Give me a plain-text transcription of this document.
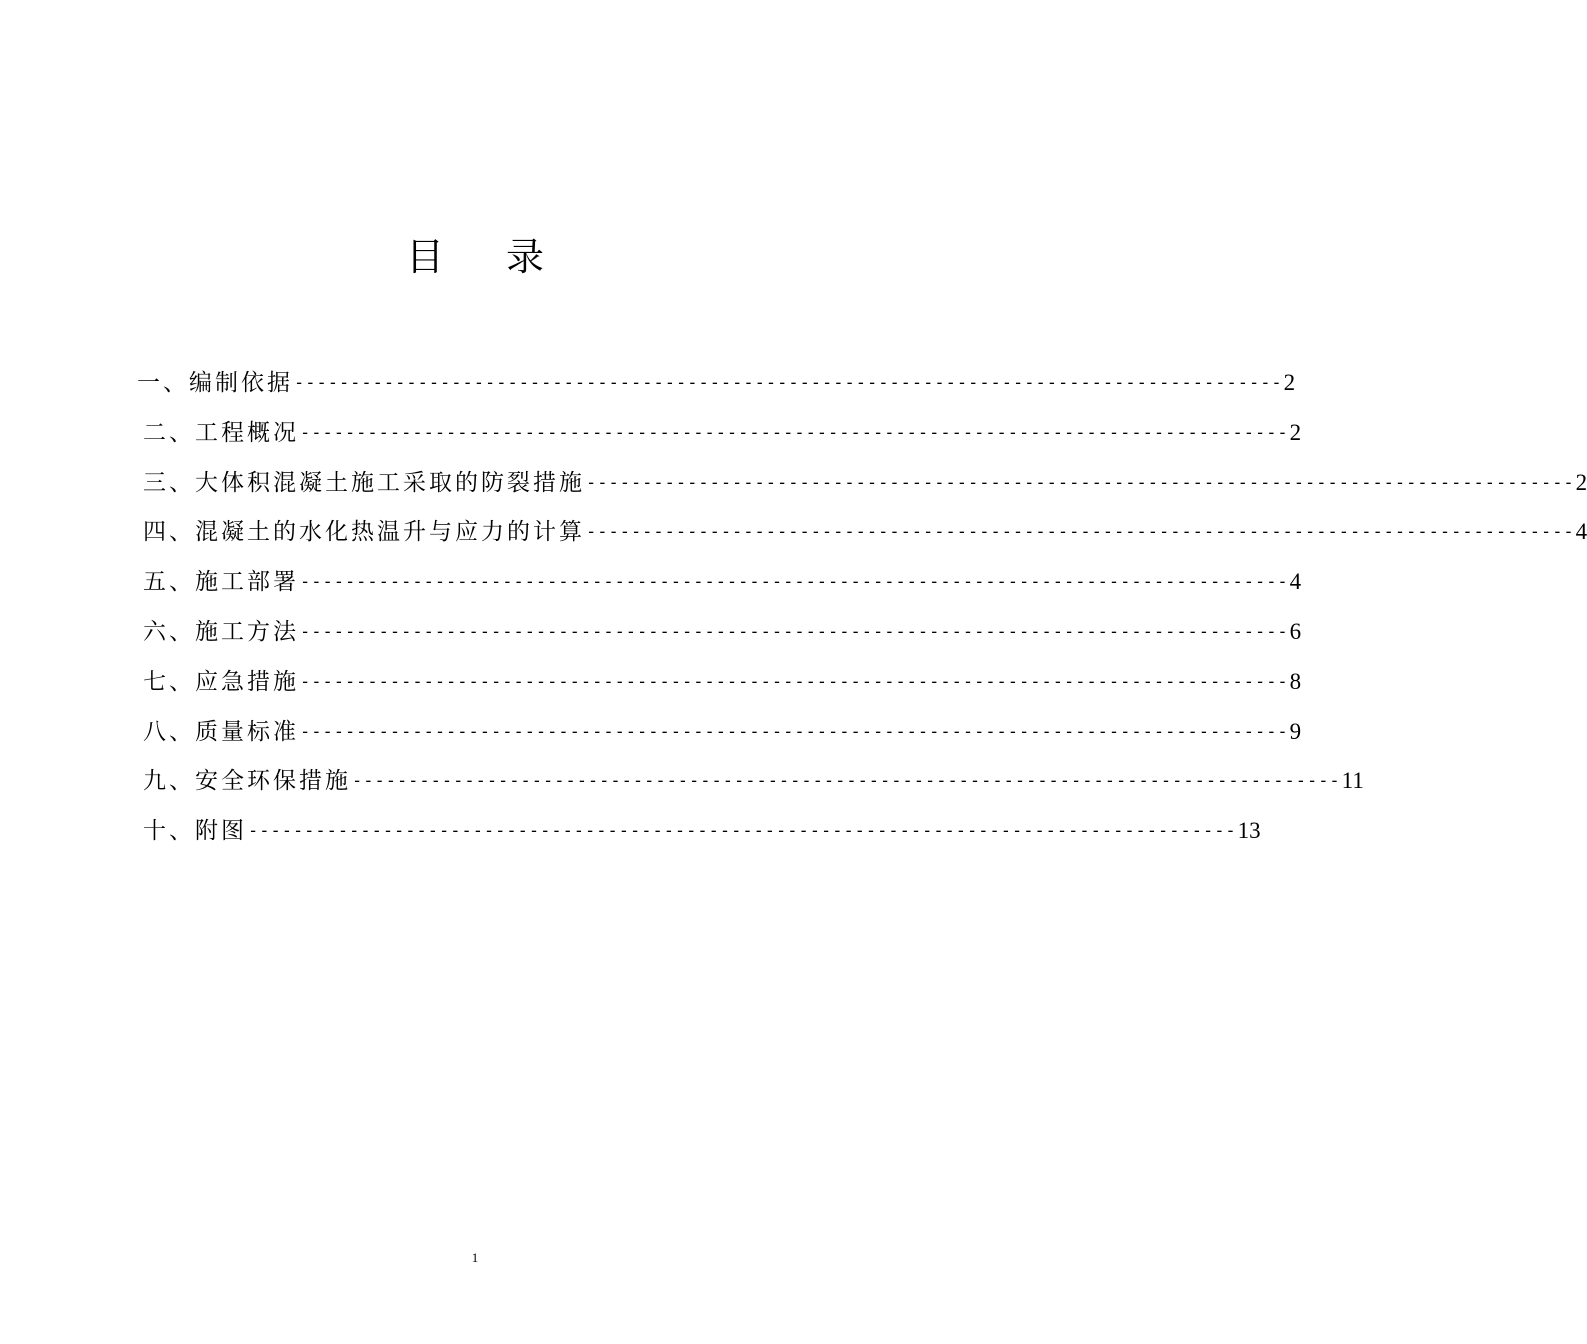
目 录
一、编制依据 ---------------------------------------------------------------------------------------- 2
二、工程概况 ---------------------------------------------------------------------------------------- 2
三、大体积混凝土施工采取的防裂措施 ---------------------------------------------------------------------------------------- 2
四、混凝土的水化热温升与应力的计算 ---------------------------------------------------------------------------------------- 4
五、施工部署 ---------------------------------------------------------------------------------------- 4
六、施工方法 ---------------------------------------------------------------------------------------- 6
七、应急措施 ---------------------------------------------------------------------------------------- 8
八、质量标准 ---------------------------------------------------------------------------------------- 9
九、安全环保措施 ---------------------------------------------------------------------------------------- 11
十、附图 ---------------------------------------------------------------------------------------- 13
1
